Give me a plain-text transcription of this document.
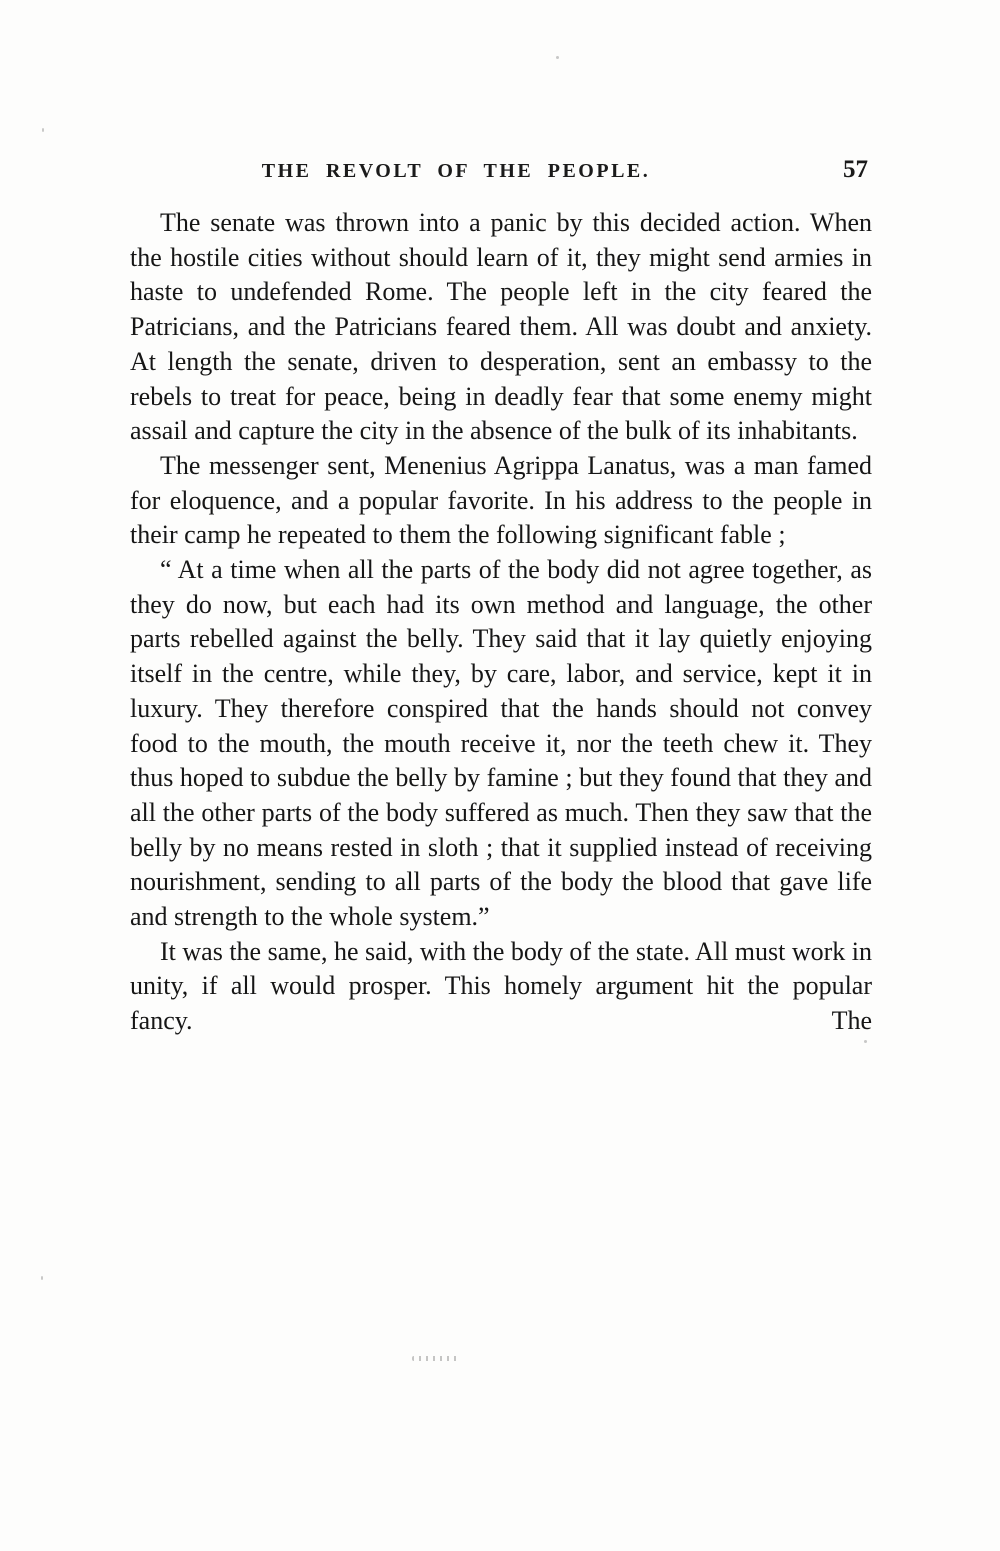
THE REVOLT OF THE PEOPLE.	57

The senate was thrown into a panic by this decided action. When the hostile cities without should learn of it, they might send armies in haste to undefended Rome. The people left in the city feared the Patricians, and the Patricians feared them. All was doubt and anxiety. At length the senate, driven to desperation, sent an embassy to the rebels to treat for peace, being in deadly fear that some enemy might assail and capture the city in the absence of the bulk of its inhabitants.

The messenger sent, Menenius Agrippa Lanatus, was a man famed for eloquence, and a popular favorite. In his address to the people in their camp he repeated to them the following significant fable ;

“ At a time when all the parts of the body did not agree together, as they do now, but each had its own method and language, the other parts rebelled against the belly. They said that it lay quietly enjoying itself in the centre, while they, by care, labor, and service, kept it in luxury. They therefore conspired that the hands should not convey food to the mouth, the mouth receive it, nor the teeth chew it. They thus hoped to subdue the belly by famine ; but they found that they and all the other parts of the body suffered as much. Then they saw that the belly by no means rested in sloth ; that it supplied instead of receiving nourishment, sending to all parts of the body the blood that gave life and strength to the whole system.”

It was the same, he said, with the body of the state. All must work in unity, if all would prosper. This homely argument hit the popular fancy. The
